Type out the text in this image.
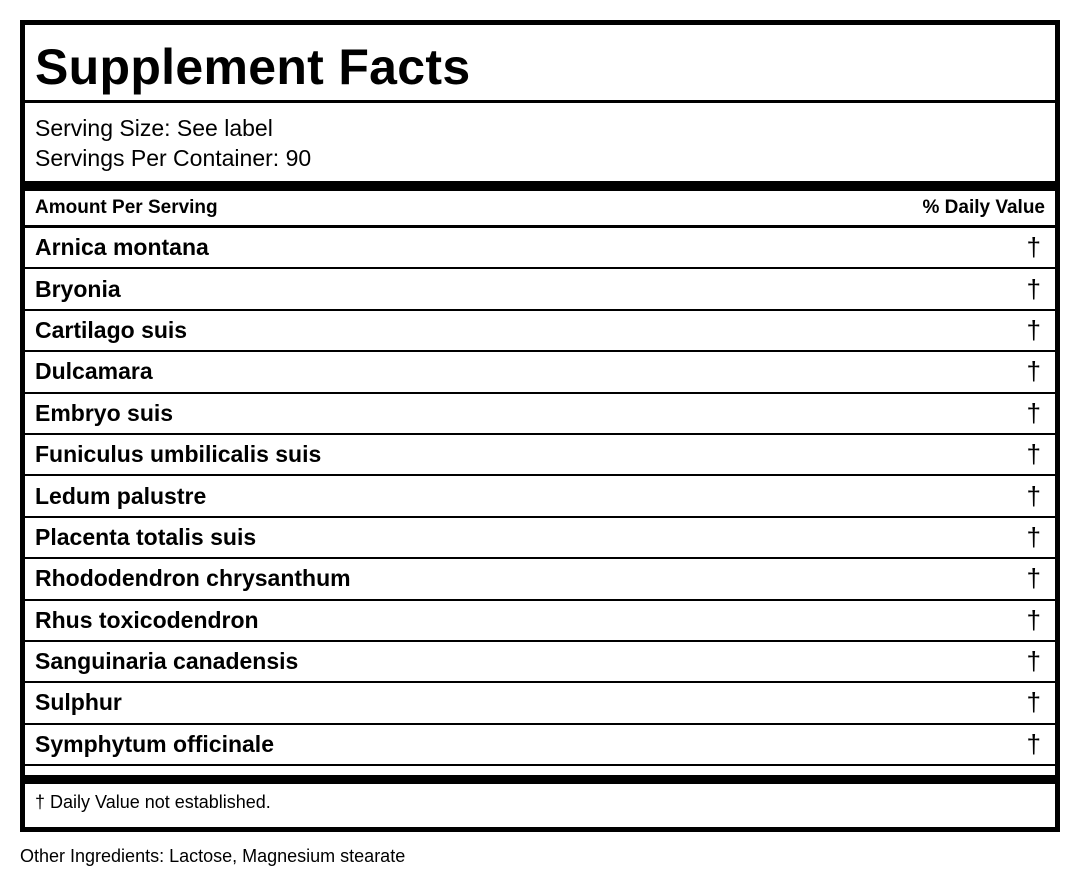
Supplement Facts
Serving Size: See label
Servings Per Container: 90
Amount Per Serving	% Daily Value
Arnica montana	†
Bryonia	†
Cartilago suis	†
Dulcamara	†
Embryo suis	†
Funiculus umbilicalis suis	†
Ledum palustre	†
Placenta totalis suis	†
Rhododendron chrysanthum	†
Rhus toxicodendron	†
Sanguinaria canadensis	†
Sulphur	†
Symphytum officinale	†
† Daily Value not established.
Other Ingredients: Lactose, Magnesium stearate
